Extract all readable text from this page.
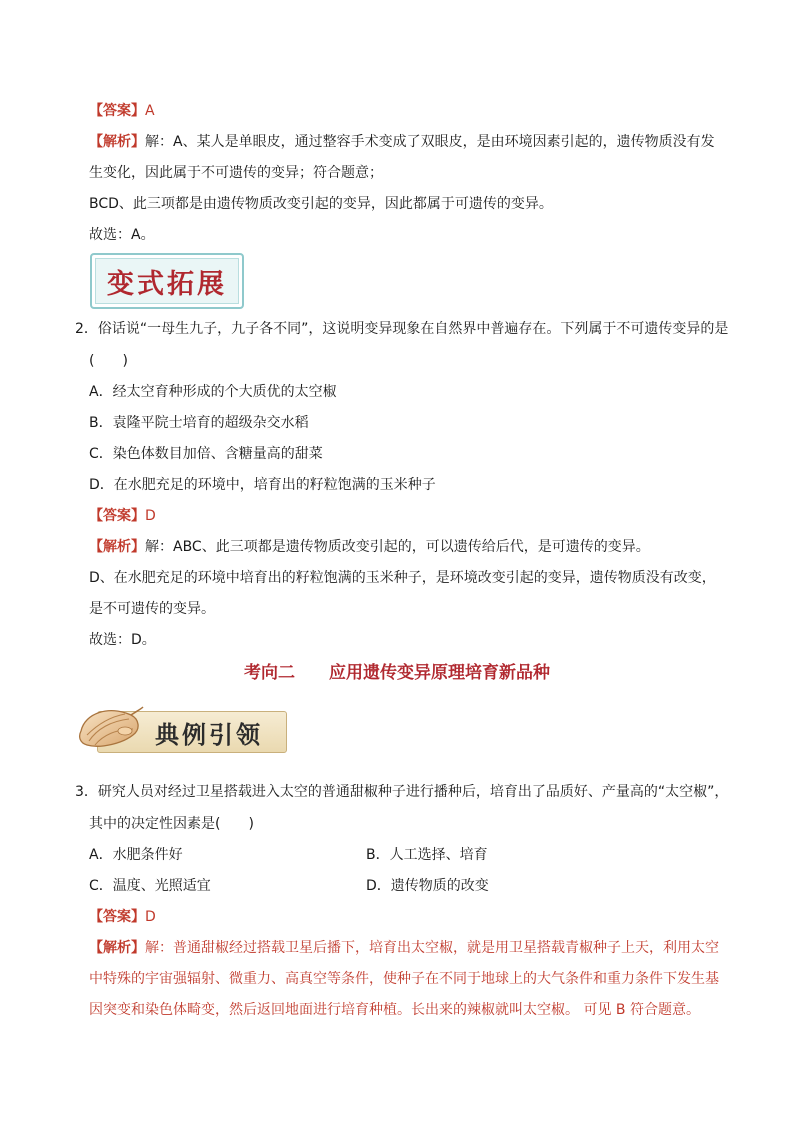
【答案】A
【解析】解：A、某人是单眼皮，通过整容手术变成了双眼皮，是由环境因素引起的，遗传物质没有发
生变化，因此属于不可遗传的变异；符合题意；
BCD、此三项都是由遗传物质改变引起的变异，因此都属于可遗传的变异。
故选：A。
变式拓展
2．俗话说“一母生九子，九子各不同”，这说明变异现象在自然界中普遍存在。下列属于不可遗传变异的是
(　　)
A．经太空育种形成的个大质优的太空椒
B．袁隆平院士培育的超级杂交水稻
C．染色体数目加倍、含糖量高的甜菜
D．在水肥充足的环境中，培育出的籽粒饱满的玉米种子
【答案】D
【解析】解：ABC、此三项都是遗传物质改变引起的，可以遗传给后代，是可遗传的变异。
D、在水肥充足的环境中培育出的籽粒饱满的玉米种子，是环境改变引起的变异，遗传物质没有改变，
是不可遗传的变异。
故选：D。
考向二　　应用遗传变异原理培育新品种
典例引领
3．研究人员对经过卫星搭载进入太空的普通甜椒种子进行播种后，培育出了品质好、产量高的“太空椒”，
其中的决定性因素是(　　)
A．水肥条件好	B．人工选择、培育
C．温度、光照适宜	D．遗传物质的改变
【答案】D
【解析】解：普通甜椒经过搭载卫星后播下，培育出太空椒，就是用卫星搭载青椒种子上天，利用太空
中特殊的宇宙强辐射、微重力、高真空等条件，使种子在不同于地球上的大气条件和重力条件下发生基
因突变和染色体畸变，然后返回地面进行培育种植。长出来的辣椒就叫太空椒。 可见 B 符合题意。
